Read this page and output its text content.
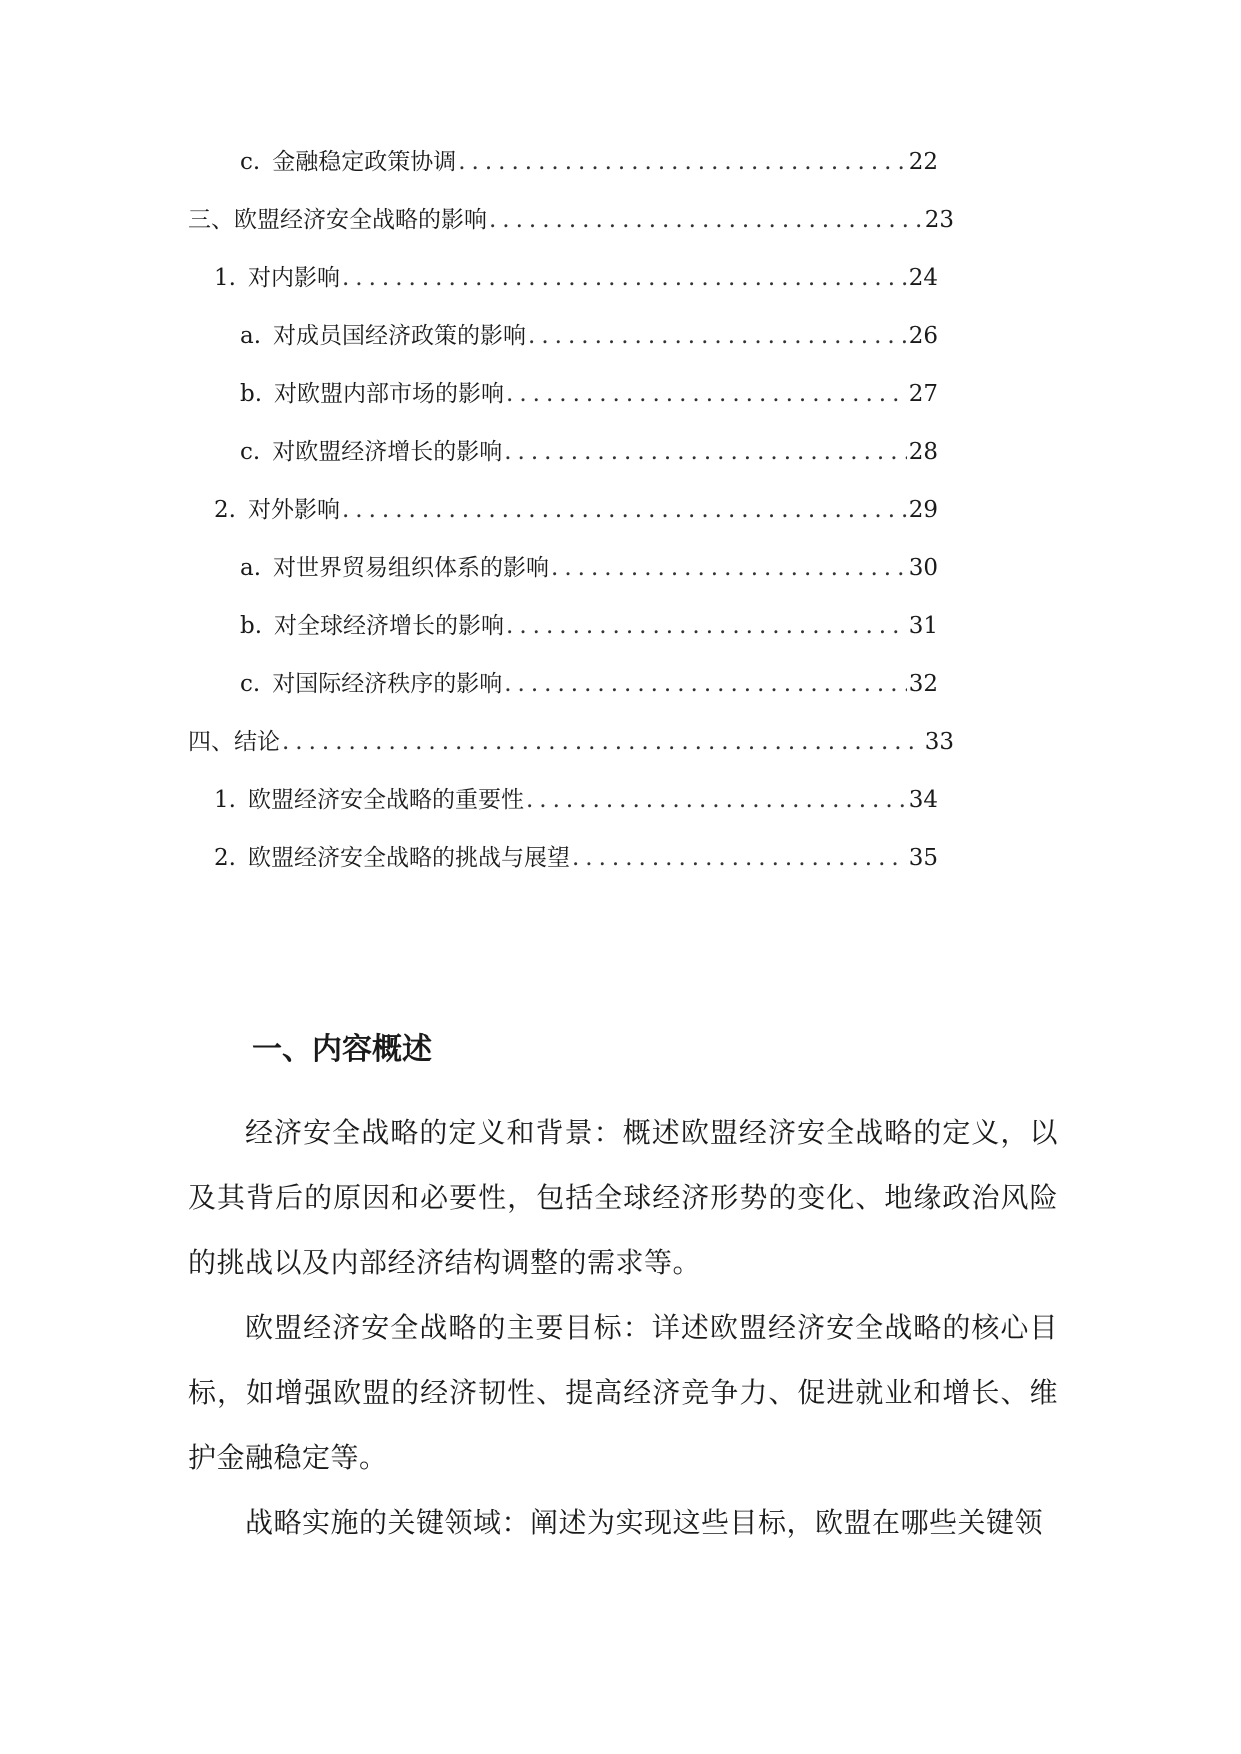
c. 金融稳定政策协调 .....	22
三、欧盟经济安全战略的影响 .....	23
1. 对内影响 .....	24
a. 对成员国经济政策的影响 .....	26
b. 对欧盟内部市场的影响 .....	27
c. 对欧盟经济增长的影响 .....	28
2. 对外影响 .....	29
a. 对世界贸易组织体系的影响 .....	30
b. 对全球经济增长的影响 .....	31
c. 对国际经济秩序的影响 .....	32
四、结论 .....	33
1. 欧盟经济安全战略的重要性 .....	34
2. 欧盟经济安全战略的挑战与展望 .....	35
一、内容概述

经济安全战略的定义和背景：概述欧盟经济安全战略的定义，以及其背后的原因和必要性，包括全球经济形势的变化、地缘政治风险的挑战以及内部经济结构调整的需求等。

欧盟经济安全战略的主要目标：详述欧盟经济安全战略的核心目标，如增强欧盟的经济韧性、提高经济竞争力、促进就业和增长、维护金融稳定等。

战略实施的关键领域：阐述为实现这些目标，欧盟在哪些关键领
